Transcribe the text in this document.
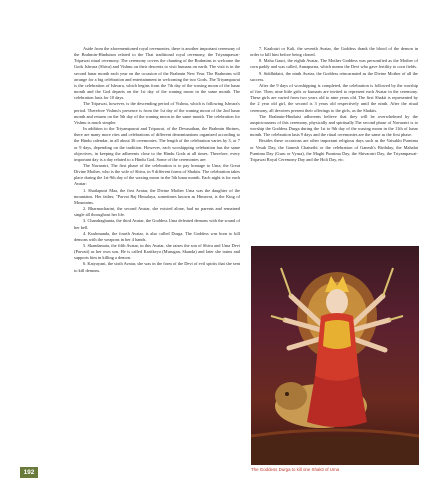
Aside from the aforementioned royal ceremonies, there is another important ceremony of the Brahmin-Hinduism related to the Thai traditional royal ceremony, the Triyampawai-Tripawai ritual ceremony. The ceremony covers the chanting of the Brahmins to welcome the Gods Ishvara (Shiva) and Vishnu on their descents to visit humans on earth. The visit is in the second lunar month each year on the occasion of the Brahmin New Year. The Brahmins will arrange for a big celebration and entertainment in welcoming the two Gods. The Triyampawai is the celebration of Ishvara, which begins from the 7th day of the waxing moon of the lunar month and the God departs on the 1st day of the waning moon in the same month. The celebration lasts for 10 days.

The Tripawai, however, is the descending period of Vishnu, which is following Ishvara's period. Therefore Vishnu's presence is from the 1st day of the waning moon of the 2nd lunar month and returns on the 5th day of the waning moon in the same month. The celebration for Vishnu is much simpler.

In addition to the Triyampawai and Tripawai, of the Devasathan, the Brahmin Shrines, there are many more rites and celebrations of different denominations organized according to the Hindu calendar, in all about 36 ceremonies. The length of the celebration varies by 3, or 7 or 9 days, depending on the tradition. However, each worshipping celebration has the same objectives, in keeping the adherents close to the Hindu Gods at all times. Therefore, every important day is a day related to a Hindu God. Some of the ceremonies are:

The Navaratri, The first phase of the celebration is to pay homage to Uma, the Great Divine Mother, who is the wife of Shiva, in 9 different forms of Shaktis. The celebration takes place during the 1st-9th day of the waxing moon in the 5th lunar month. Each night is for each Avatar:

1. Shailaputri Maa, the first Avatar, the Divine Mother Uma was the daughter of the mountains. Her father, "Parvat Raj Himalaya, sometimes known as Himavat, is the King of Mountains.

2. Bharmacharini, the second Avatar, she existed alone, had no parents and remained single all throughout her life.

3. Chandraghanta, the third Avatar, the Goddess Uma defeated demons with the sound of her bell.

4. Kushmanda, the fourth Avatar, is also called Durga. The Goddess was born to kill demons with the weapons in her 4 hands.

5. Skandamata, the fifth Avatar, in this Avatar, she raises the son of Shiva and Uma Devi (Parvati) as her own son. He is called Kartikeya (Murugan, Skanda) and later she trains and supports him in killing a demon.

6. Katyayani, the sixth Avatar, she was in the form of the Devi of evil spirits that she sent to kill demons.

7. Kaalratri or Kali, the seventh Avatar, the Goddess drank the blood of the demon in order to kill him before being cloned.

8. Maha Gauri, the eighth Avatar, The Mother Goddess was personified as the Mother of corn paddy and was called, Annapurna, which means the Devi who gave fertility to corn fields.

9. Siddhidatri, the ninth Avatar, the Goddess reincarnated as the Divine Mother of all the success.

After the 9 days of worshipping is completed, the celebration is followed by the worship of fire. Then, nine little girls or kumaris are invited to represent each Avatar in the ceremony. These girls are varied from two years old to nine years old. The first Shakti is represented by the 2 year old girl, the second is 3 years old respectively until the ninth. After the ritual ceremony, all devotees present their offerings to the girls, as the Shaktis.

The Brahmin-Hinduist adherents believe that they will be overwhelmed by the auspiciousness of this ceremony, physically and spiritually.The second phase of Navaratri is to worship the Goddess Durga during the 1st to 9th day of the waxing moon in the 11th of lunar month. The celebration lasts 9 days and the ritual ceremonies are the same as the first phase.

Besides these occasions are other important religious days such as the Vaisakhi Purnima or Vesak Day, the Ganesh Chaturthi or the celebration of Ganesh's Birthday, the Mahalai Purnima Day (Guru or Vyasa), the Maghi Purnima Day, the Shivaratri Day, the Triyampawai-Tripawai Royal Ceremony Day and the Holi Day, etc.

The Goddess Durga to kill one Shakti of Uma
192
